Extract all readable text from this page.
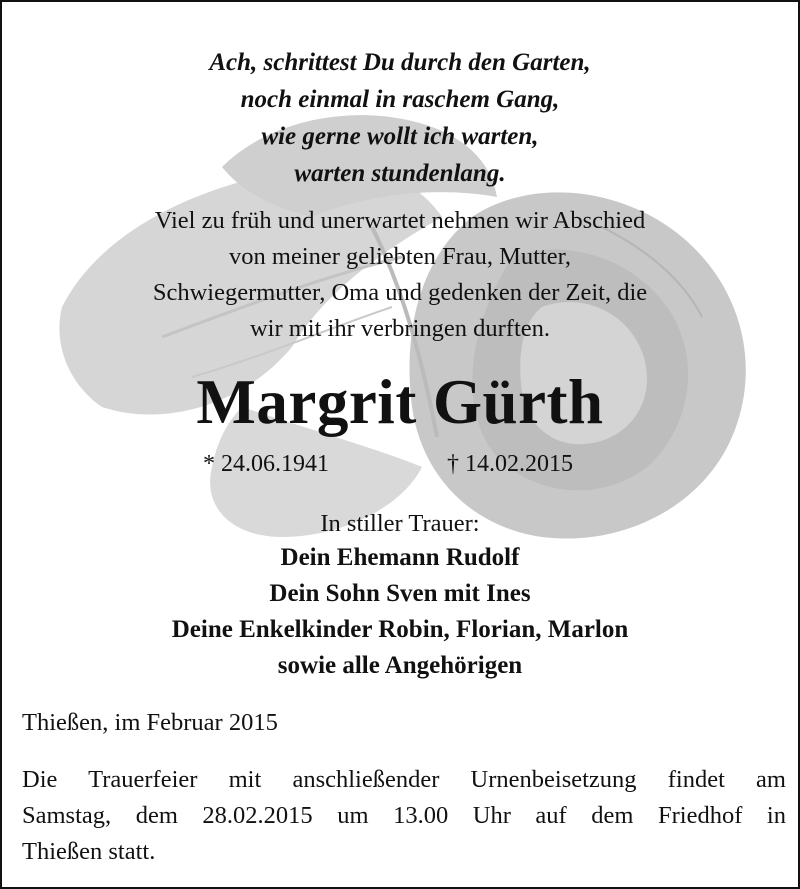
Ach, schrittest Du durch den Garten,
noch einmal in raschem Gang,
wie gerne wollt ich warten,
warten stundenlang.
Viel zu früh und unerwartet nehmen wir Abschied
von meiner geliebten Frau, Mutter,
Schwiegermutter, Oma und gedenken der Zeit, die
wir mit ihr verbringen durften.
Margrit Gürth
* 24.06.1941	† 14.02.2015
In stiller Trauer:
Dein Ehemann Rudolf
Dein Sohn Sven mit Ines
Deine Enkelkinder Robin, Florian, Marlon
sowie alle Angehörigen
Thießen, im Februar 2015
Die Trauerfeier mit anschließender Urnenbeisetzung findet am
Samstag, dem 28.02.2015 um 13.00 Uhr auf dem Friedhof in
Thießen statt.
